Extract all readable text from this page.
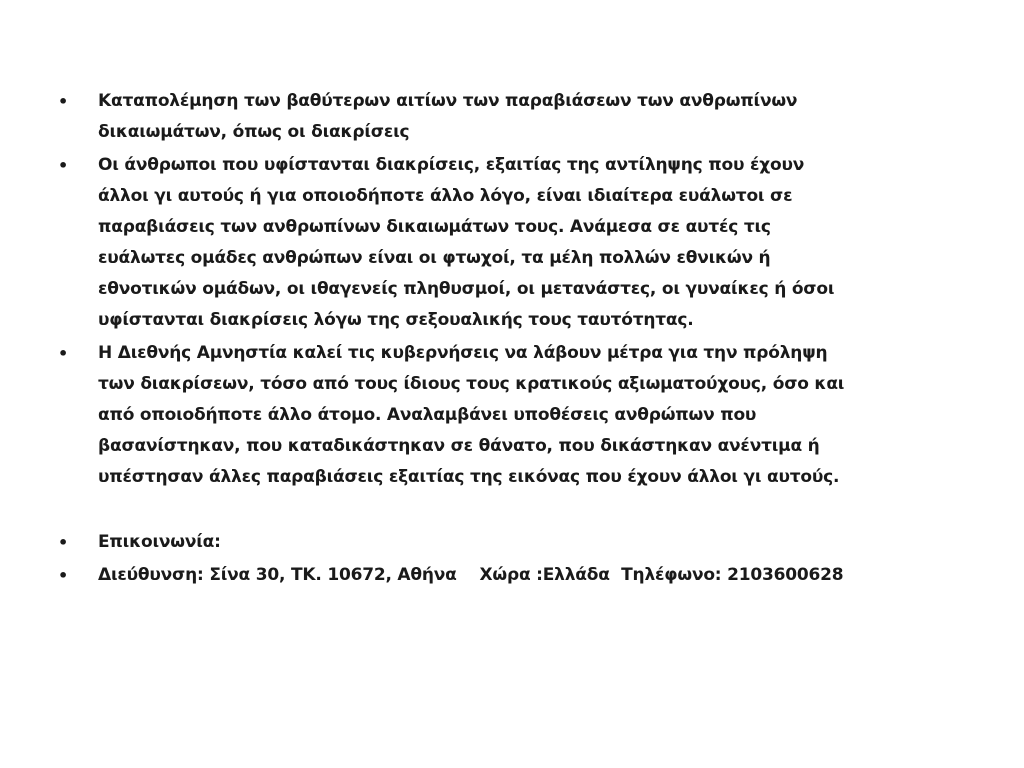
• Καταπολέμηση των βαθύτερων αιτίων των παραβιάσεων των ανθρωπίνων
δικαιωμάτων, όπως οι διακρίσεις
• Οι άνθρωποι που υφίστανται διακρίσεις, εξαιτίας της αντίληψης που έχουν
άλλοι γι αυτούς ή για οποιοδήποτε άλλο λόγο, είναι ιδιαίτερα ευάλωτοι σε
παραβιάσεις των ανθρωπίνων δικαιωμάτων τους. Ανάμεσα σε αυτές τις
ευάλωτες ομάδες ανθρώπων είναι οι φτωχοί, τα μέλη πολλών εθνικών ή
εθνοτικών ομάδων, οι ιθαγενείς πληθυσμοί, οι μετανάστες, οι γυναίκες ή όσοι
υφίστανται διακρίσεις λόγω της σεξουαλικής τους ταυτότητας.
• Η Διεθνής Αμνηστία καλεί τις κυβερνήσεις να λάβουν μέτρα για την πρόληψη
των διακρίσεων, τόσο από τους ίδιους τους κρατικούς αξιωματούχους, όσο και
από οποιοδήποτε άλλο άτομο. Αναλαμβάνει υποθέσεις ανθρώπων που
βασανίστηκαν, που καταδικάστηκαν σε θάνατο, που δικάστηκαν ανέντιμα ή
υπέστησαν άλλες παραβιάσεις εξαιτίας της εικόνας που έχουν άλλοι γι αυτούς.
• Επικοινωνία:
• Διεύθυνση: Σίνα 30, ΤΚ. 10672, Αθήνα    Χώρα :Ελλάδα  Τηλέφωνο: 2103600628
